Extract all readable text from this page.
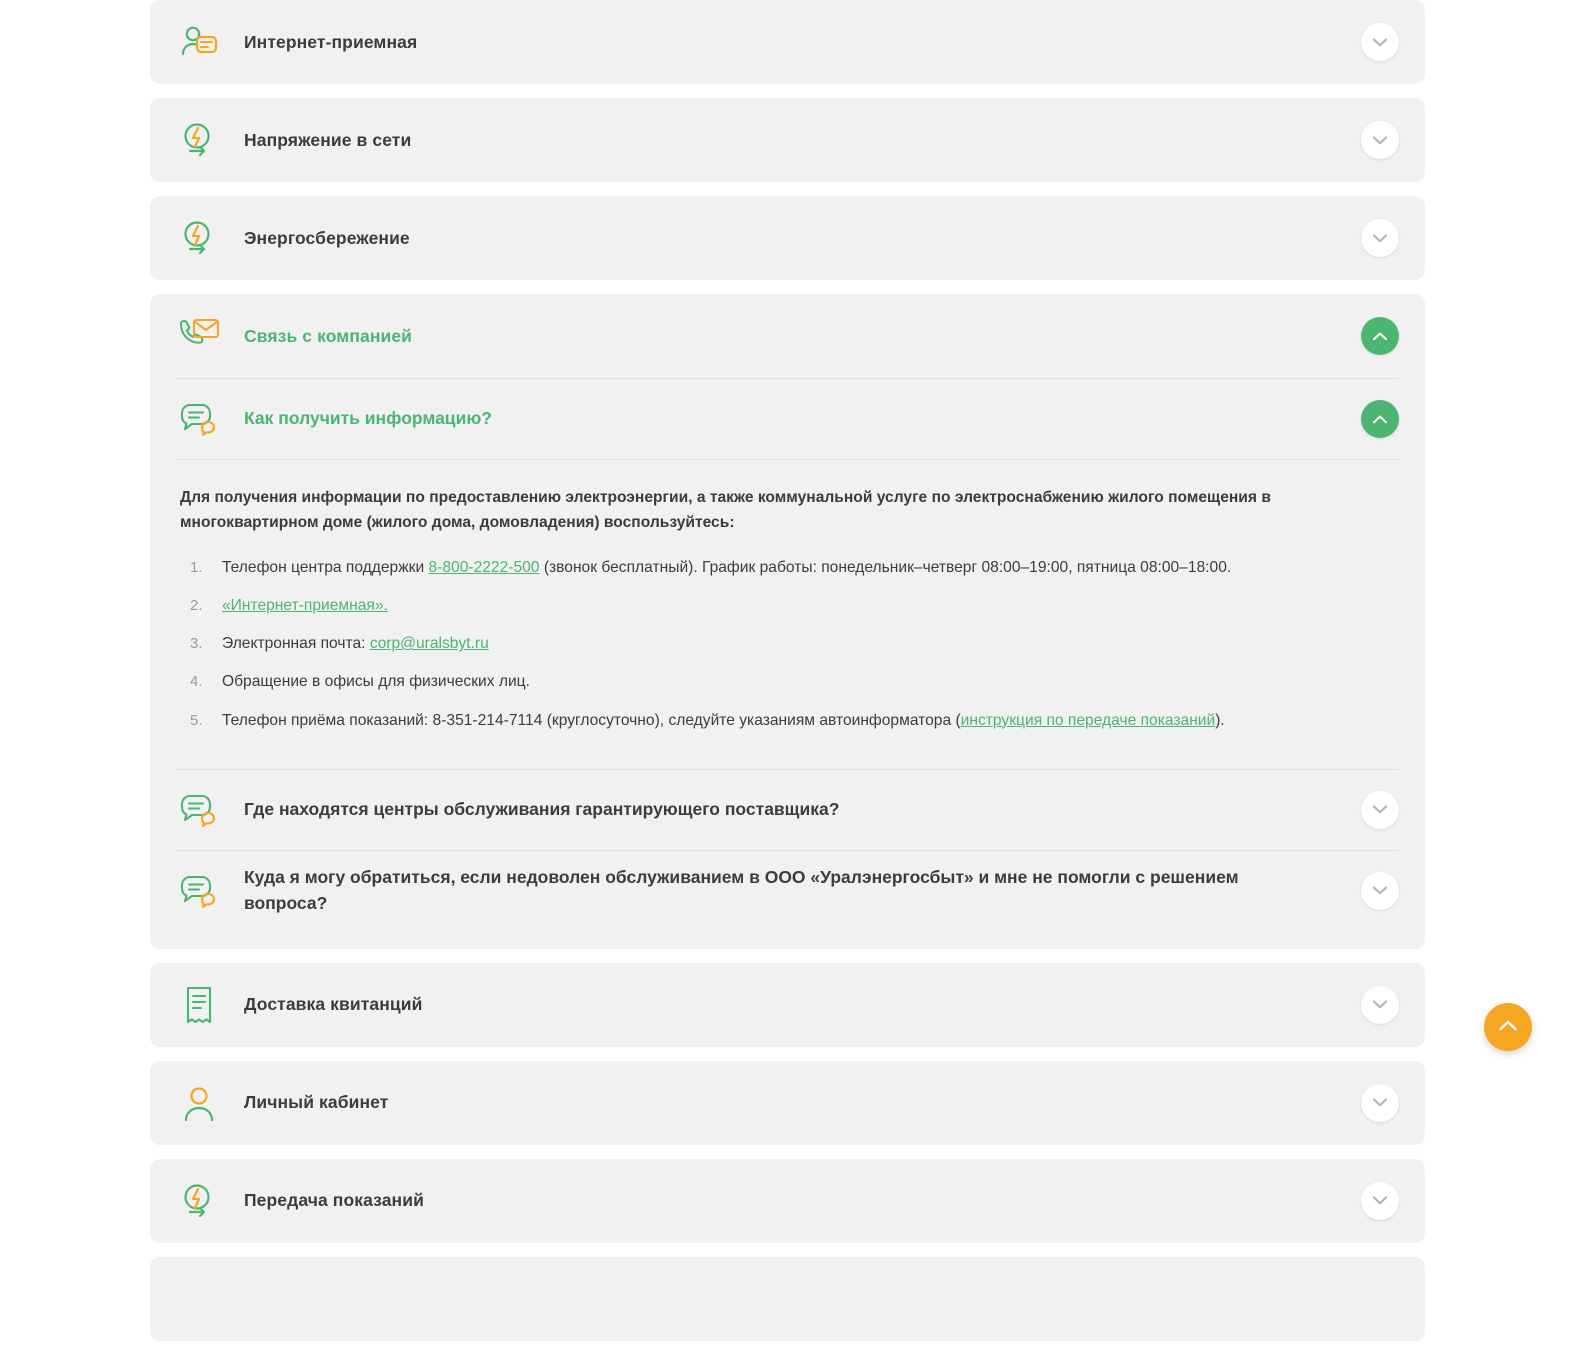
Интернет-приемная
Напряжение в сети
Энергосбережение
Связь с компанией
Как получить информацию?

Для получения информации по предоставлению электроэнергии, а также коммунальной услуге по электроснабжению жилого помещения в многоквартирном доме (жилого дома, домовладения) воспользуйтесь:

Телефон центра поддержки 8-800-2222-500 (звонок бесплатный). График работы: понедельник–четверг 08:00–19:00, пятница 08:00–18:00.
«Интернет-приемная».
Электронная почта: corp@uralsbyt.ru
Обращение в офисы для физических лиц.
Телефон приёма показаний: 8-351-214-7114 (круглосуточно), следуйте указаниям автоинформатора (инструкция по передаче показаний).
Где находятся центры обслуживания гарантирующего поставщика?
Куда я могу обратиться, если недоволен обслуживанием в ООО «Уралэнергосбыт» и мне не помогли с решением вопроса?
Доставка квитанций
Личный кабинет
Передача показаний
